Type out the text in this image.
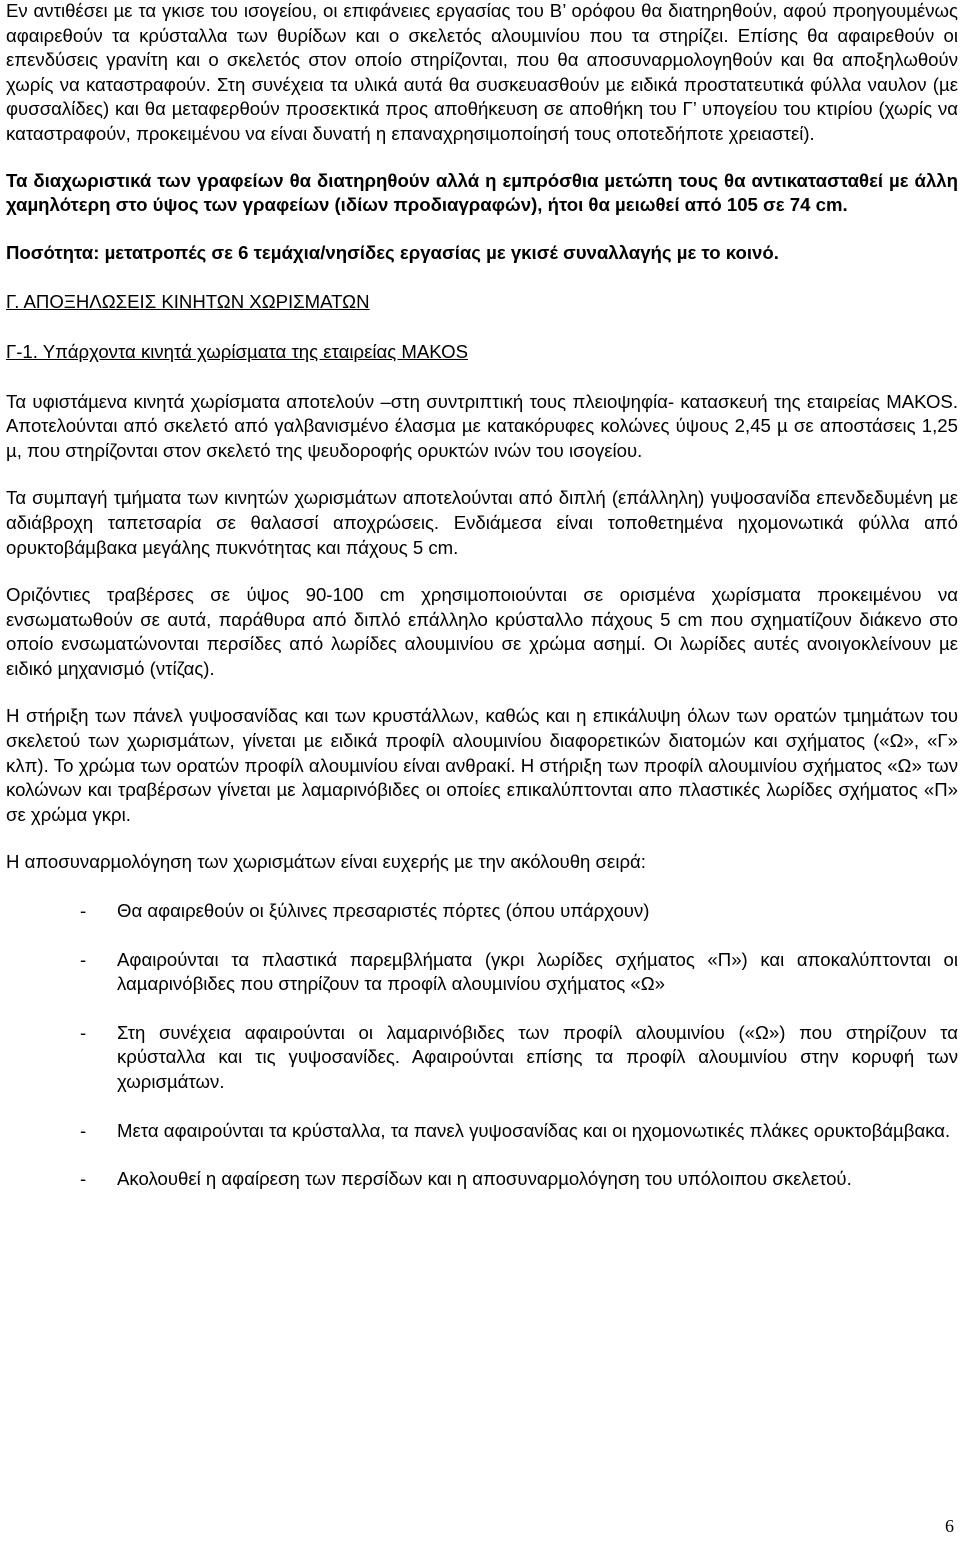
Εν αντιθέσει µε τα γκισε του ισογείου, οι επιφάνειες εργασίας του Β’ ορόφου θα διατηρηθούν, αφού προηγουµένως αφαιρεθούν τα κρύσταλλα των θυρίδων και ο σκελετός αλουµινίου που τα στηρίζει. Επίσης θα αφαιρεθούν οι επενδύσεις γρανίτη και ο σκελετός στον οποίο στηρίζονται, που θα αποσυναρµολογηθούν και θα αποξηλωθούν χωρίς να καταστραφούν. Στη συνέχεια τα υλικά αυτά θα συσκευασθούν µε ειδικά προστατευτικά φύλλα ναυλον (µε φυσσαλίδες) και θα µεταφερθούν προσεκτικά προς αποθήκευση σε αποθήκη του Γ’ υπογείου του κτιρίου (χωρίς να καταστραφούν, προκειµένου να είναι δυνατή η επαναχρησιµοποίησή τους οποτεδήποτε χρειαστεί).

Τα διαχωριστικά των γραφείων θα διατηρηθούν αλλά η εµπρόσθια µετώπη τους θα αντικατασταθεί µε άλλη χαµηλότερη στο ύψος των γραφείων (ιδίων προδιαγραφών), ήτοι θα µειωθεί από 105 σε 74 cm.

Ποσότητα: µετατροπές σε 6 τεµάχια/νησίδες εργασίας µε γκισέ συναλλαγής µε το κοινό.

Γ. ΑΠΟΞΗΛΩΣΕΙΣ ΚΙΝΗΤΩΝ ΧΩΡΙΣΜΑΤΩΝ

Γ-1. Υπάρχοντα κινητά χωρίσµατα της εταιρείας ΜΑΚΟS

Τα υφιστάµενα κινητά χωρίσµατα αποτελούν –στη συντριπτική τους πλειοψηφία- κατασκευή της εταιρείας ΜΑΚΟS. Αποτελούνται από σκελετό από γαλβανισµένο έλασµα µε κατακόρυφες κολώνες ύψους 2,45 µ σε αποστάσεις 1,25 µ, που στηρίζονται στον σκελετό της ψευδοροφής ορυκτών ινών του ισογείου.

Τα συµπαγή τµήµατα των κινητών χωρισµάτων αποτελούνται από διπλή (επάλληλη) γυψοσανίδα επενδεδυµένη µε αδιάβροχη ταπετσαρία σε θαλασσί αποχρώσεις. Ενδιάµεσα είναι τοποθετηµένα ηχοµονωτικά φύλλα από ορυκτοβάµβακα µεγάλης πυκνότητας και πάχους 5 cm.

Οριζόντιες τραβέρσες σε ύψος 90-100 cm χρησιµοποιούνται σε ορισµένα χωρίσµατα προκειµένου να ενσωµατωθούν σε αυτά, παράθυρα από διπλό επάλληλο κρύσταλλο πάχους 5 cm που σχηµατίζουν διάκενο στο οποίο ενσωµατώνονται περσίδες από λωρίδες αλουµινίου σε χρώµα ασηµί. Οι λωρίδες αυτές ανοιγοκλείνουν µε ειδικό µηχανισµό (ντίζας).

Η στήριξη των πάνελ γυψοσανίδας και των κρυστάλλων, καθώς και η επικάλυψη όλων των ορατών τµηµάτων του σκελετού των χωρισµάτων, γίνεται µε ειδικά προφίλ αλουµινίου διαφορετικών διατοµών και σχήµατος («Ω», «Γ» κλπ). Το χρώµα των ορατών προφίλ αλουµινίου είναι ανθρακί. Η στήριξη των προφίλ αλουµινίου σχήµατος «Ω» των κολώνων και τραβέρσων γίνεται µε λαµαρινόβιδες οι οποίες επικαλύπτονται απο πλαστικές λωρίδες σχήµατος «Π» σε χρώµα γκρι.

Η αποσυναρµολόγηση των χωρισµάτων είναι ευχερής µε την ακόλουθη σειρά:

- Θα αφαιρεθούν οι ξύλινες πρεσαριστές πόρτες (όπου υπάρχουν)
- Αφαιρούνται τα πλαστικά παρεµβλήµατα (γκρι λωρίδες σχήµατος «Π») και αποκαλύπτονται οι λαµαρινόβιδες που στηρίζουν τα προφίλ αλουµινίου σχήµατος «Ω»
- Στη συνέχεια αφαιρούνται οι λαµαρινόβιδες των προφίλ αλουµινίου («Ω») που στηρίζουν τα κρύσταλλα και τις γυψοσανίδες. Αφαιρούνται επίσης τα προφίλ αλουµινίου στην κορυφή των χωρισµάτων.
- Μετα αφαιρούνται τα κρύσταλλα, τα πανελ γυψοσανίδας και οι ηχοµονωτικές πλάκες ορυκτοβάµβακα.
- Ακολουθεί η αφαίρεση των περσίδων και η αποσυναρµολόγηση του υπόλοιπου σκελετού.
6
